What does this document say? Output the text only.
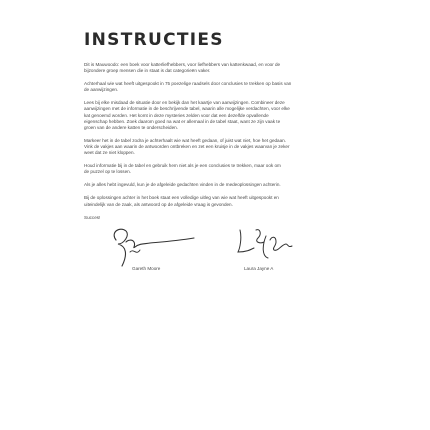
INSTRUCTIES

Dit is Mauwoodo: een boek voor katterliefhebbers, voor liefhebbers van kattenkwaad, en voor de bijzondere groep mensen die in staat is dat categorieën vaker.

Achterhaal wie wat heeft uitgespookt in 75 poezelige raadsels door conclusies te trekken op basis van de aanwijzingen.

Lees bij elke misdaad de situatie door en bekijk dan het kaartje van aanwijzingen. Combineer deze aanwijzingen met de informatie in de beschrijvende tabel, waarin alle mogelijke verdachten, voor elke kat genoemd worden. Het komt in deze mysteries zelden voor dat een dezelfde opvallende eigenschap hebben. Zoek daarom goed na wat er allemaal in de tabel staat, want ze zijn vaak te groen van de andere katten te onderscheiden.

Markeer het in de tabel zodra je achterhaalt wie wat heeft gedaan, of juist wat niet, hoe het gedaan. Vink de vakjes aan waarin de antwoorden ontbreken en zet een kruisje in de vakjes waarvan je zeker weet dat ze niet kloppen.

Houd informatie bij in de tabel en gebruik hem niet als je een conclusies te trekken, maar ook om de puzzel op te lossen.

Als je alles hebt ingevuld, kun je de afgeleide gedachten vinden in de medeoplossingen achterin.

Bij de oplossingen achter in het boek staat een volledige uitleg van wie wat heeft uitgespookt en uiteindelijk van de zaak, als antwoord op de afgeleide vraag is gevonden.

Succes!

Gareth Moore	Laura Jayne A
